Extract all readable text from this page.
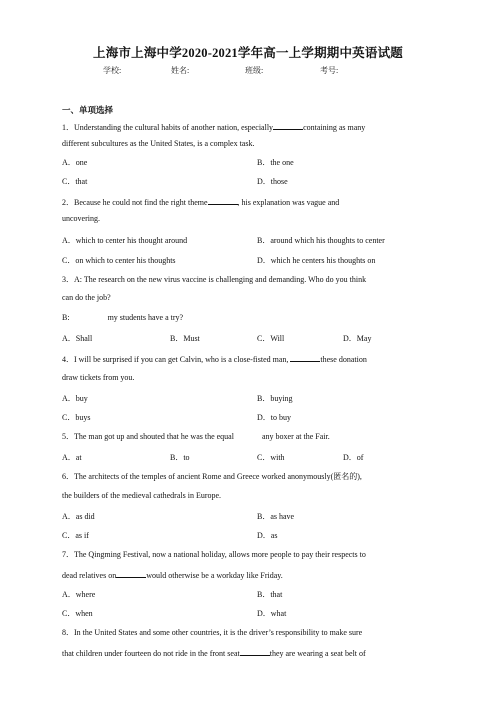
上海市上海中学2020-2021学年高一上学期期中英语试题
学校:	姓名:	班级:	考号:
一、单项选择
1．Understanding the cultural habits of another nation, especially	containing as many
different subcultures as the United States, is a complex task.
A．one	B．the one
C．that	D．those
2．Because he could not find the right theme	, his explanation was vague and
uncovering.
A．which to center his thought around	B．around which his thoughts to center
C．on which to center his thoughts	D．which he centers his thoughts on
3．A: The research on the new virus vaccine is challenging and demanding. Who do you think
can do the job?
B:	my students have a try?
A．Shall	B．Must	C．Will	D．May
4．I will be surprised if you can get Calvin, who is a close-fisted man,	these donation
draw tickets from you.
A．buy	B．buying
C．buys	D．to buy
5．The man got up and shouted that he was the equal	any boxer at the Fair.
A．at	B．to	C．with	D．of
6．The architects of the temples of ancient Rome and Greece worked anonymously(匿名的),
the builders of the medieval cathedrals in Europe.
A．as did	B．as have
C．as if	D．as
7．The Qingming Festival, now a national holiday, allows more people to pay their respects to
dead relatives on	would otherwise be a workday like Friday.
A．where	B．that
C．when	D．what
8．In the United States and some other countries, it is the driver’s responsibility to make sure
that children under fourteen do not ride in the front seat	they are wearing a seat belt of
